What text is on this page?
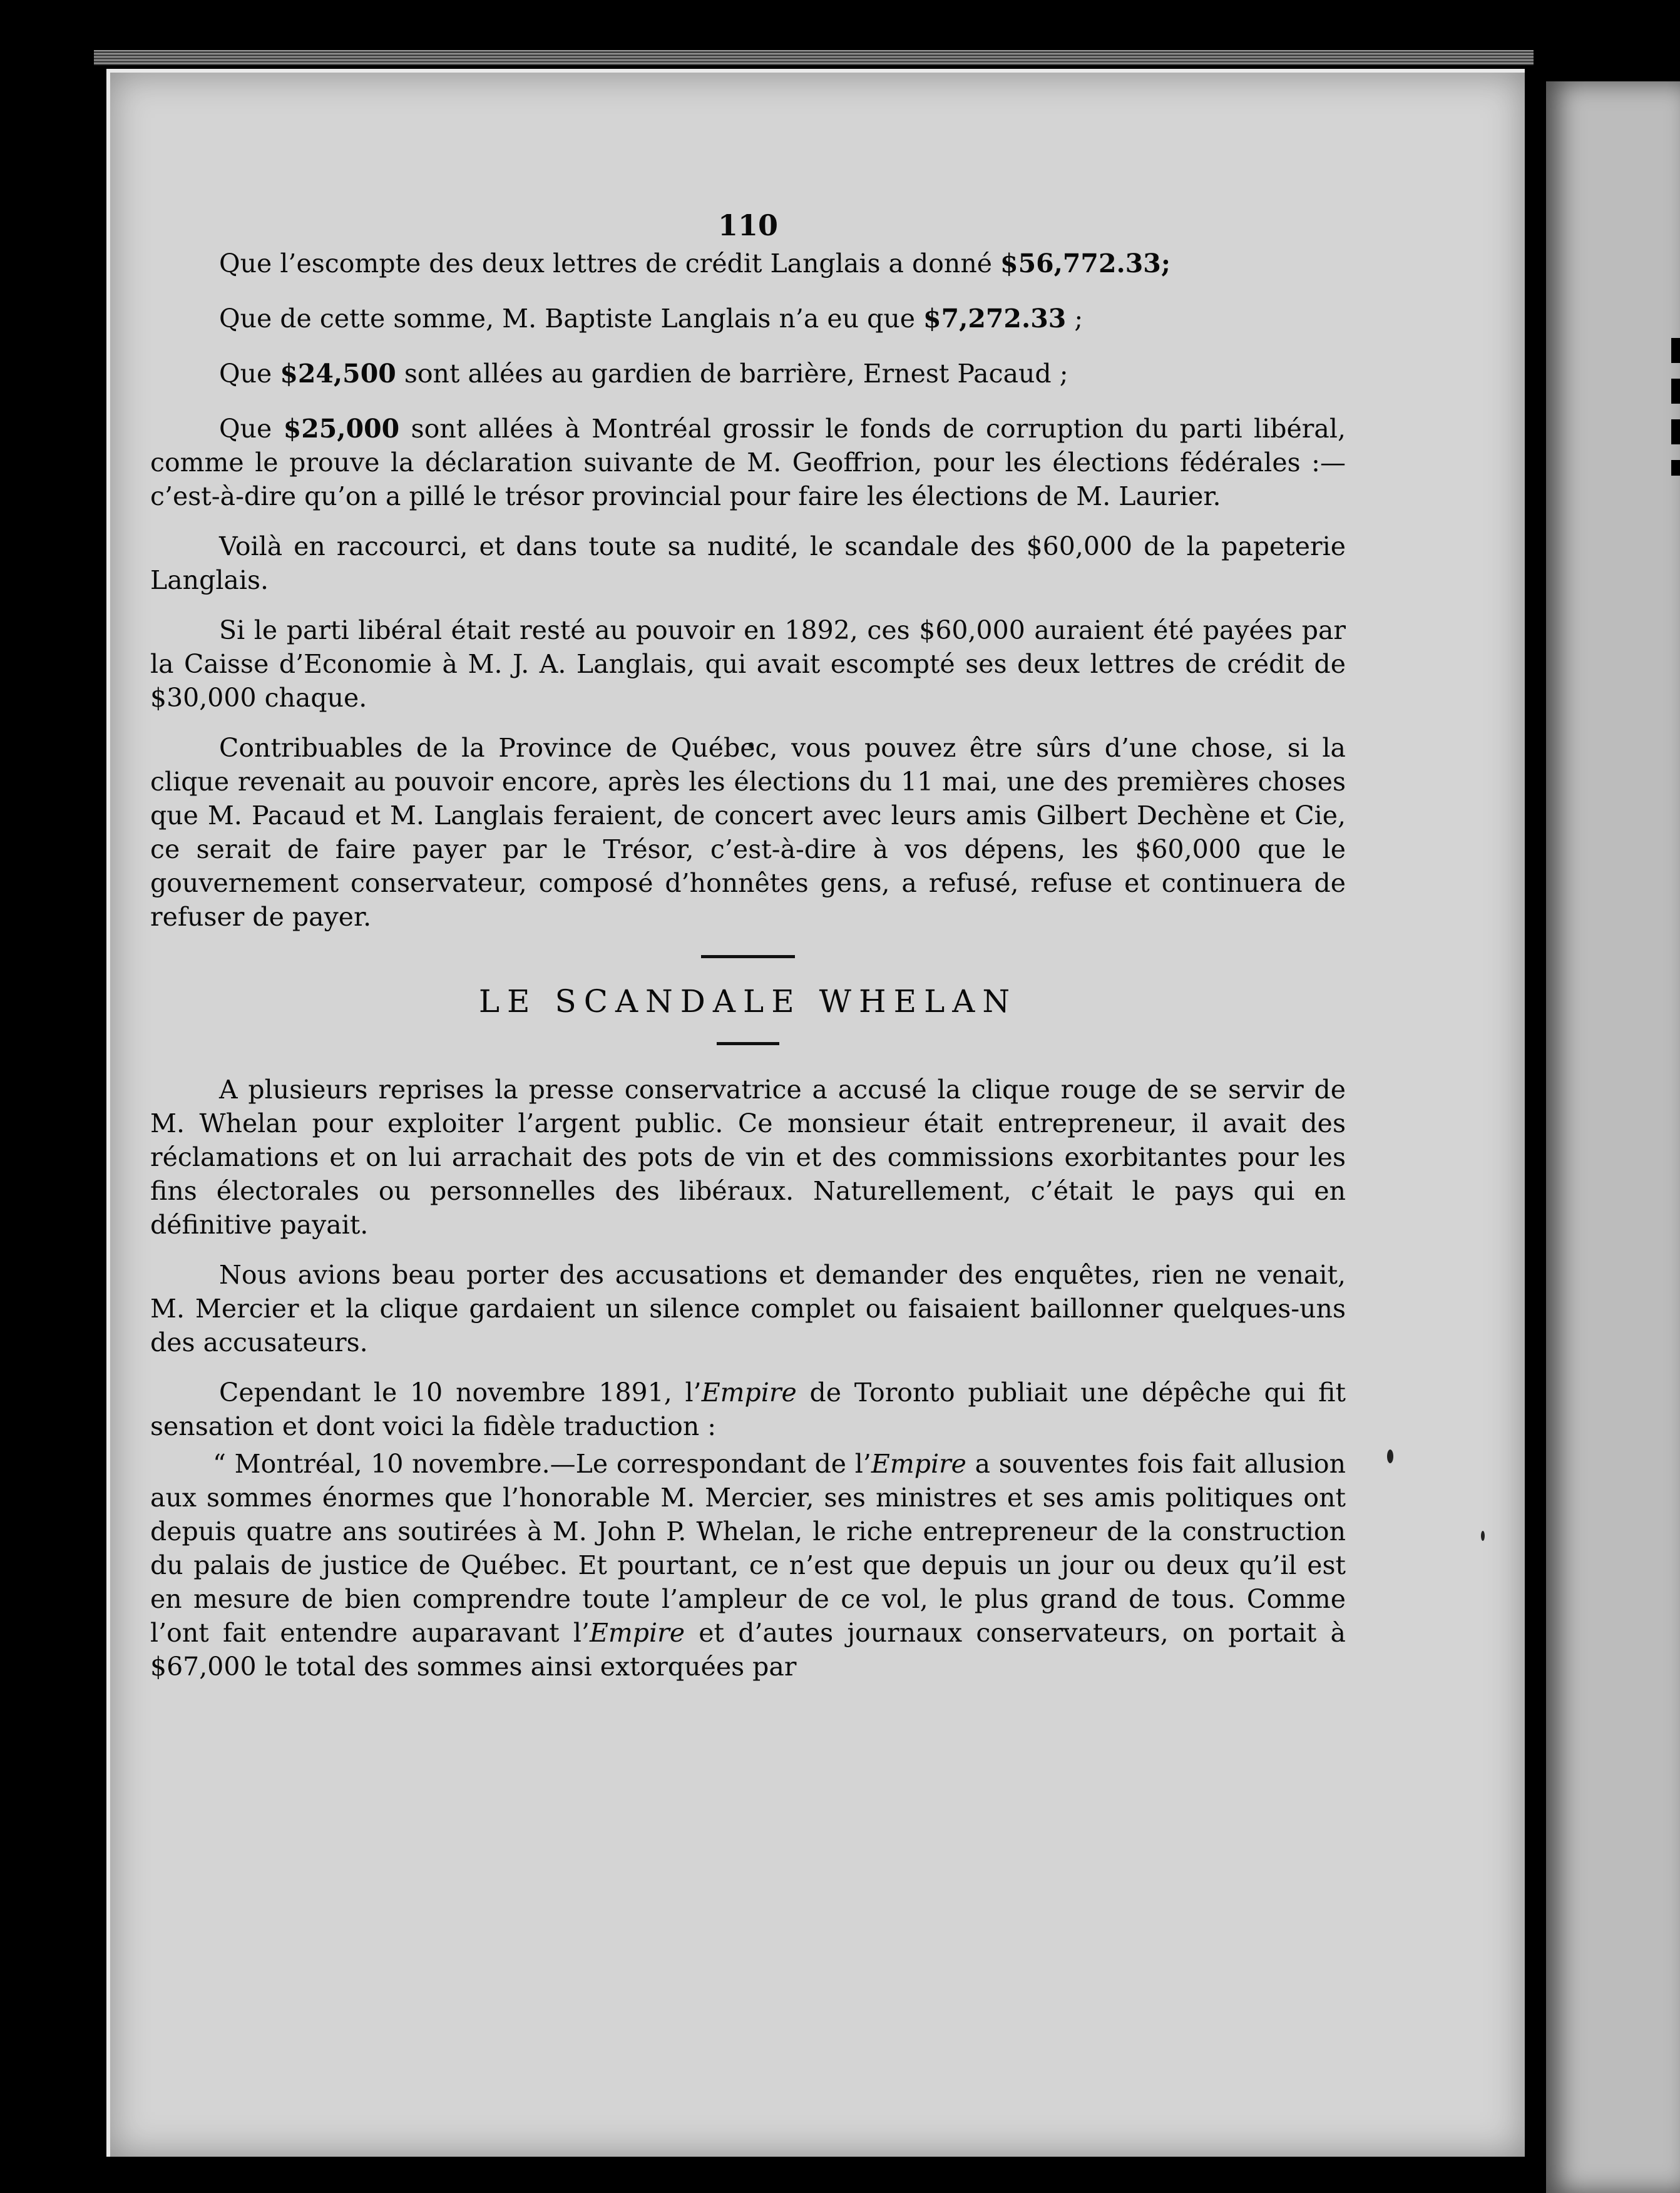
110

Que l’escompte des deux lettres de crédit Langlais a donné $56,772.33;

Que de cette somme, M. Baptiste Langlais n’a eu que $7,272.33 ;

Que $24,500 sont allées au gardien de barrière, Ernest Pacaud ;

Que $25,000 sont allées à Montréal grossir le fonds de corruption du parti libéral, comme le prouve la déclaration suivante de M. Geoffrion, pour les élections fédérales :—c’est-à-dire qu’on a pillé le trésor provincial pour faire les élections de M. Laurier.

Voilà en raccourci, et dans toute sa nudité, le scandale des $60,000 de la papeterie Langlais.

Si le parti libéral était resté au pouvoir en 1892, ces $60,000 auraient été payées par la Caisse d’Economie à M. J. A. Langlais, qui avait escompté ses deux lettres de crédit de $30,000 chaque.

Contribuables de la Province de Québec, vous pouvez être sûrs d’une chose, si la clique revenait au pouvoir encore, après les élections du 11 mai, une des premières choses que M. Pacaud et M. Langlais feraient, de concert avec leurs amis Gilbert Dechène et Cie, ce serait de faire payer par le Trésor, c’est-à-dire à vos dépens, les $60,000 que le gouvernement conservateur, composé d’honnêtes gens, a refusé, refuse et continuera de refuser de payer.

LE SCANDALE WHELAN

A plusieurs reprises la presse conservatrice a accusé la clique rouge de se servir de M. Whelan pour exploiter l’argent public. Ce monsieur était entrepreneur, il avait des réclamations et on lui arrachait des pots de vin et des commissions exorbitantes pour les fins électorales ou personnelles des libéraux. Naturellement, c’était le pays qui en définitive payait.

Nous avions beau porter des accusations et demander des enquêtes, rien ne venait, M. Mercier et la clique gardaient un silence complet ou faisaient baillonner quelques-uns des accusateurs.

Cependant le 10 novembre 1891, l’Empire de Toronto publiait une dépêche qui fit sensation et dont voici la fidèle traduction :

“ Montréal, 10 novembre.—Le correspondant de l’Empire a souventes fois fait allusion aux sommes énormes que l’honorable M. Mercier, ses ministres et ses amis politiques ont depuis quatre ans soutirées à M. John P. Whelan, le riche entrepreneur de la construction du palais de justice de Québec. Et pourtant, ce n’est que depuis un jour ou deux qu’il est en mesure de bien comprendre toute l’ampleur de ce vol, le plus grand de tous. Comme l’ont fait entendre auparavant l’Empire et d’autes journaux conservateurs, on portait à $67,000 le total des sommes ainsi extorquées par
